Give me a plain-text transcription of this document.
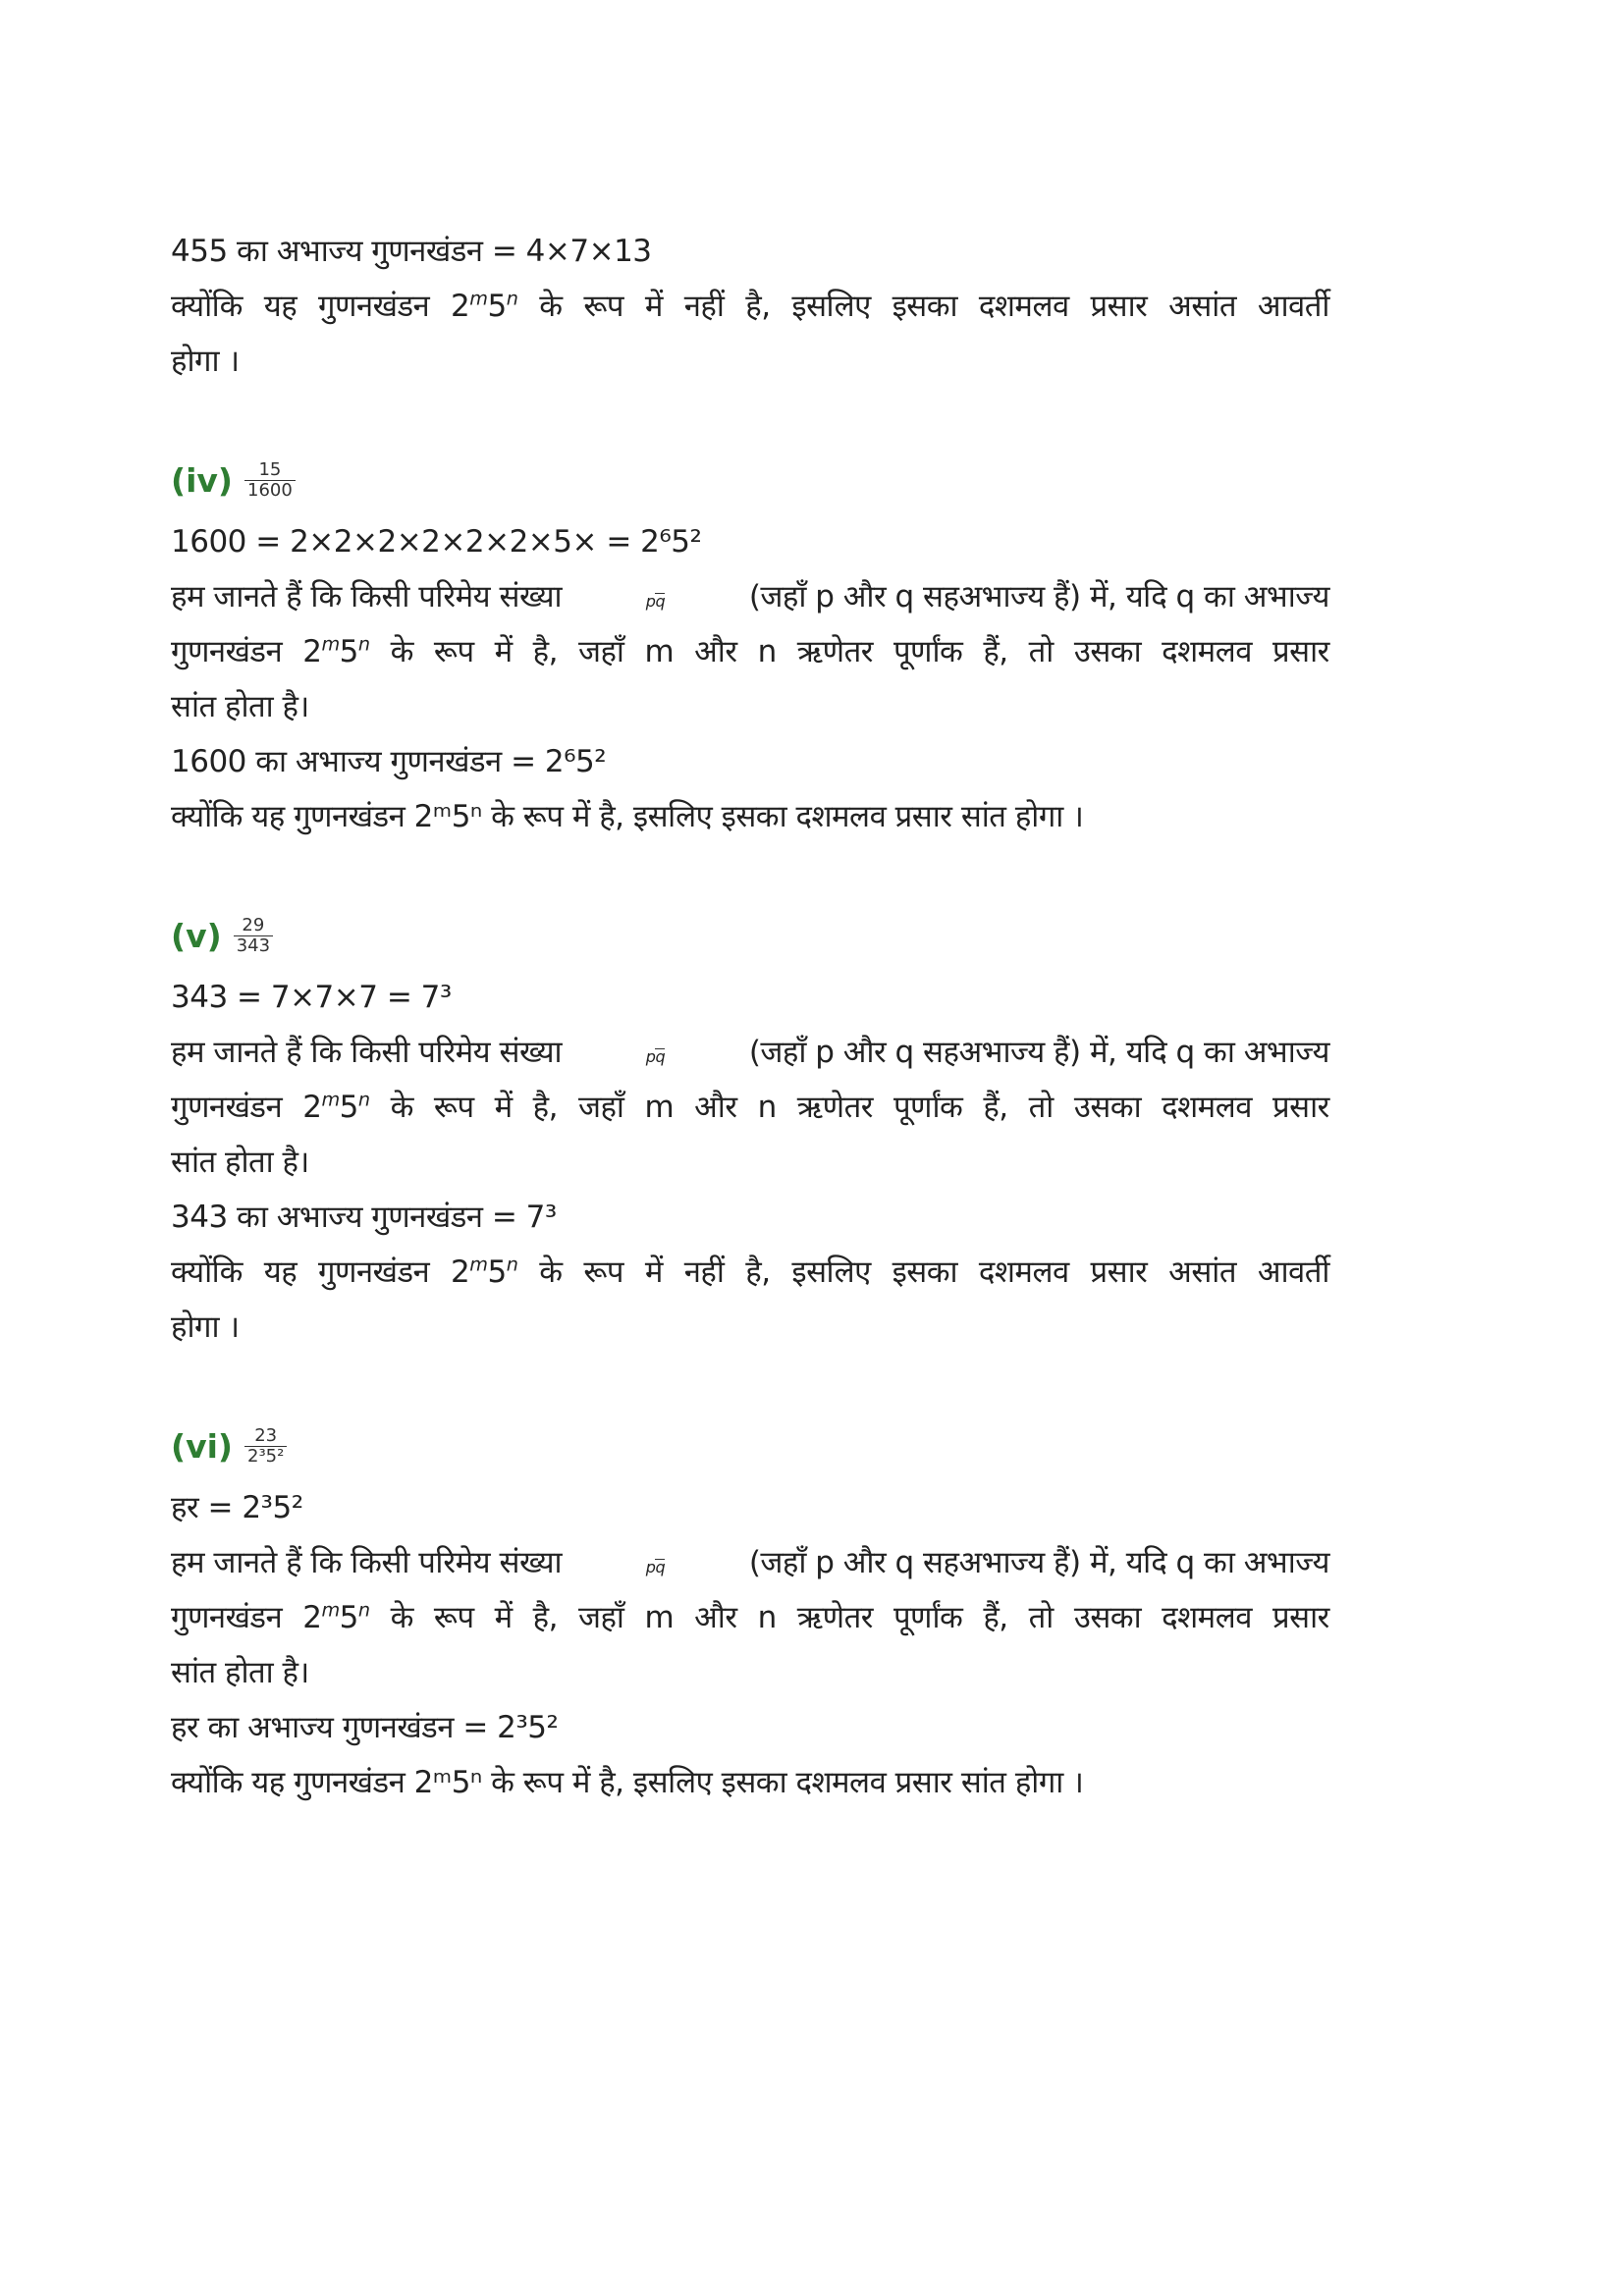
455 का अभाज्य गुणनखंडन = 4×7×13
क्योंकि यह गुणनखंडन 2$^m$5$^n$ के रूप में नहीं है, इसलिए इसका दशमलव प्रसार असांत आवर्ती
होगा ।
$(iv) \frac{15}{1600}$
1600 = 2×2×2×2×2×2×5× = 2⁶5²
हम जानते हैं कि किसी परिमेय संख्या	pq	(जहाँ p और q सहअभाज्य हैं) में, यदि q का अभाज्य
गुणनखंडन 2$^m$5$^n$ के रूप में है, जहाँ m और n ऋणेतर पूर्णांक हैं, तो उसका दशमलव प्रसार
सांत होता है।
1600 का अभाज्य गुणनखंडन = 2⁶5²
क्योंकि यह गुणनखंडन 2ᵐ5ⁿ के रूप में है, इसलिए इसका दशमलव प्रसार सांत होगा ।
$(v) \frac{29}{343}$
343 = 7×7×7 = 7³
हम जानते हैं कि किसी परिमेय संख्या	pq	(जहाँ p और q सहअभाज्य हैं) में, यदि q का अभाज्य
गुणनखंडन 2$^m$5$^n$ के रूप में है, जहाँ m और n ऋणेतर पूर्णांक हैं, तो उसका दशमलव प्रसार
सांत होता है।
343 का अभाज्य गुणनखंडन = 7³
क्योंकि यह गुणनखंडन 2$^m$5$^n$ के रूप में नहीं है, इसलिए इसका दशमलव प्रसार असांत आवर्ती
होगा ।
$(vi) \frac{23}{\text{2³5²}}$
हर = 2³5²
हम जानते हैं कि किसी परिमेय संख्या	pq	(जहाँ p और q सहअभाज्य हैं) में, यदि q का अभाज्य
गुणनखंडन 2$^m$5$^n$ के रूप में है, जहाँ m और n ऋणेतर पूर्णांक हैं, तो उसका दशमलव प्रसार
सांत होता है।
हर का अभाज्य गुणनखंडन = 2³5²
क्योंकि यह गुणनखंडन 2ᵐ5ⁿ के रूप में है, इसलिए इसका दशमलव प्रसार सांत होगा ।
